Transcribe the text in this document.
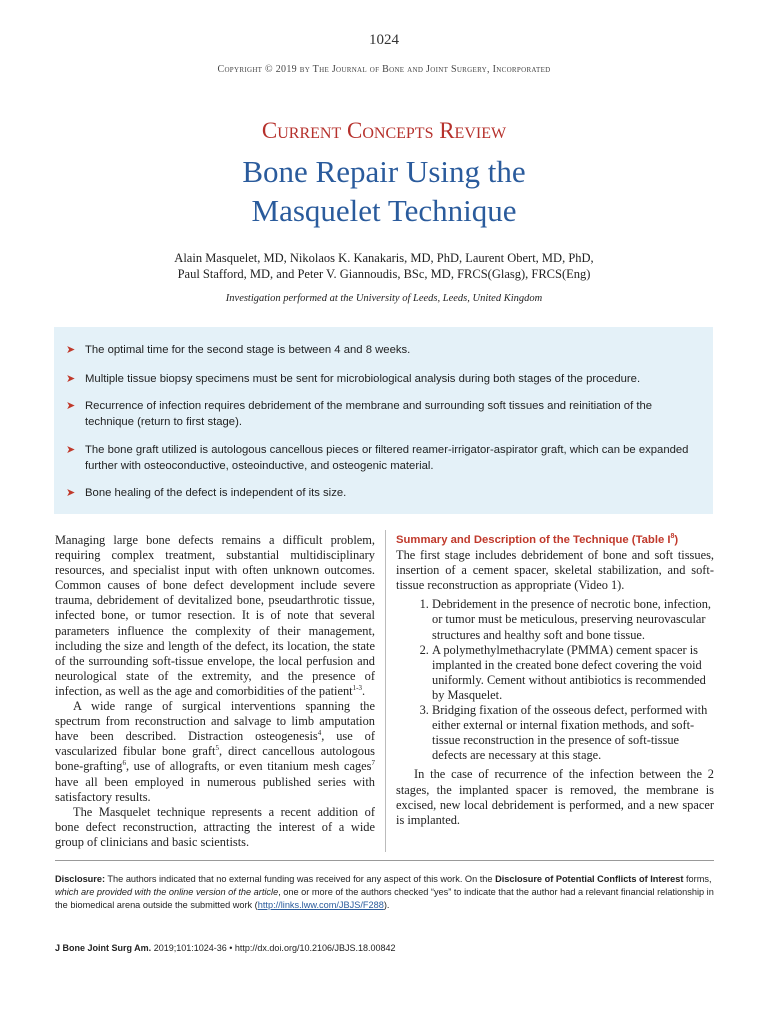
1024
Copyright © 2019 by The Journal of Bone and Joint Surgery, Incorporated
Current Concepts Review
Bone Repair Using the
Masquelet Technique
Alain Masquelet, MD, Nikolaos K. Kanakaris, MD, PhD, Laurent Obert, MD, PhD,
Paul Stafford, MD, and Peter V. Giannoudis, BSc, MD, FRCS(Glasg), FRCS(Eng)
Investigation performed at the University of Leeds, Leeds, United Kingdom
➤ The optimal time for the second stage is between 4 and 8 weeks.
➤ Multiple tissue biopsy specimens must be sent for microbiological analysis during both stages of the procedure.
➤ Recurrence of infection requires debridement of the membrane and surrounding soft tissues and reinitiation of the technique (return to first stage).
➤ The bone graft utilized is autologous cancellous pieces or filtered reamer-irrigator-aspirator graft, which can be expanded further with osteoconductive, osteoinductive, and osteogenic material.
➤ Bone healing of the defect is independent of its size.

Managing large bone defects remains a difficult problem, requiring complex treatment, substantial multidisciplinary resources, and specialist input with often unknown outcomes. Common causes of bone defect development include severe trauma, debridement of devitalized bone, pseudarthrotic tissue, infected bone, or tumor resection. It is of note that several parameters influence the complexity of their management, including the size and length of the defect, its location, the state of the surrounding soft-tissue envelope, the local perfusion and neurological state of the extremity, and the presence of infection, as well as the age and comorbidities of the patient$^{1-3}$.

A wide range of surgical interventions spanning the spectrum from reconstruction and salvage to limb amputation have been described. Distraction osteogenesis$^4$, use of vascularized fibular bone graft$^5$, direct cancellous autologous bone-grafting$^6$, use of allografts, or even titanium mesh cages$^7$ have all been employed in numerous published series with satisfactory results.

The Masquelet technique represents a recent addition of bone defect reconstruction, attracting the interest of a wide group of clinicians and basic scientists.

Summary and Description of the Technique (Table $I^8$)

The first stage includes debridement of bone and soft tissues, insertion of a cement spacer, skeletal stabilization, and soft-tissue reconstruction as appropriate (Video 1).

1. Debridement in the presence of necrotic bone, infection, or tumor must be meticulous, preserving neurovascular structures and healthy soft and bone tissue.
2. A polymethylmethacrylate (PMMA) cement spacer is implanted in the created bone defect covering the void uniformly. Cement without antibiotics is recommended by Masquelet.
3. Bridging fixation of the osseous defect, performed with either external or internal fixation methods, and soft-tissue reconstruction in the presence of soft-tissue defects are necessary at this stage.

In the case of recurrence of the infection between the 2 stages, the implanted spacer is removed, the membrane is excised, new local debridement is performed, and a new spacer is implanted.

Disclosure: The authors indicated that no external funding was received for any aspect of this work. On the Disclosure of Potential Conflicts of Interest forms, which are provided with the online version of the article, one or more of the authors checked “yes” to indicate that the author had a relevant financial relationship in the biomedical arena outside the submitted work (http://links.lww.com/JBJS/F288).
J Bone Joint Surg Am. 2019;101:1024-36 • http://dx.doi.org/10.2106/JBJS.18.00842
